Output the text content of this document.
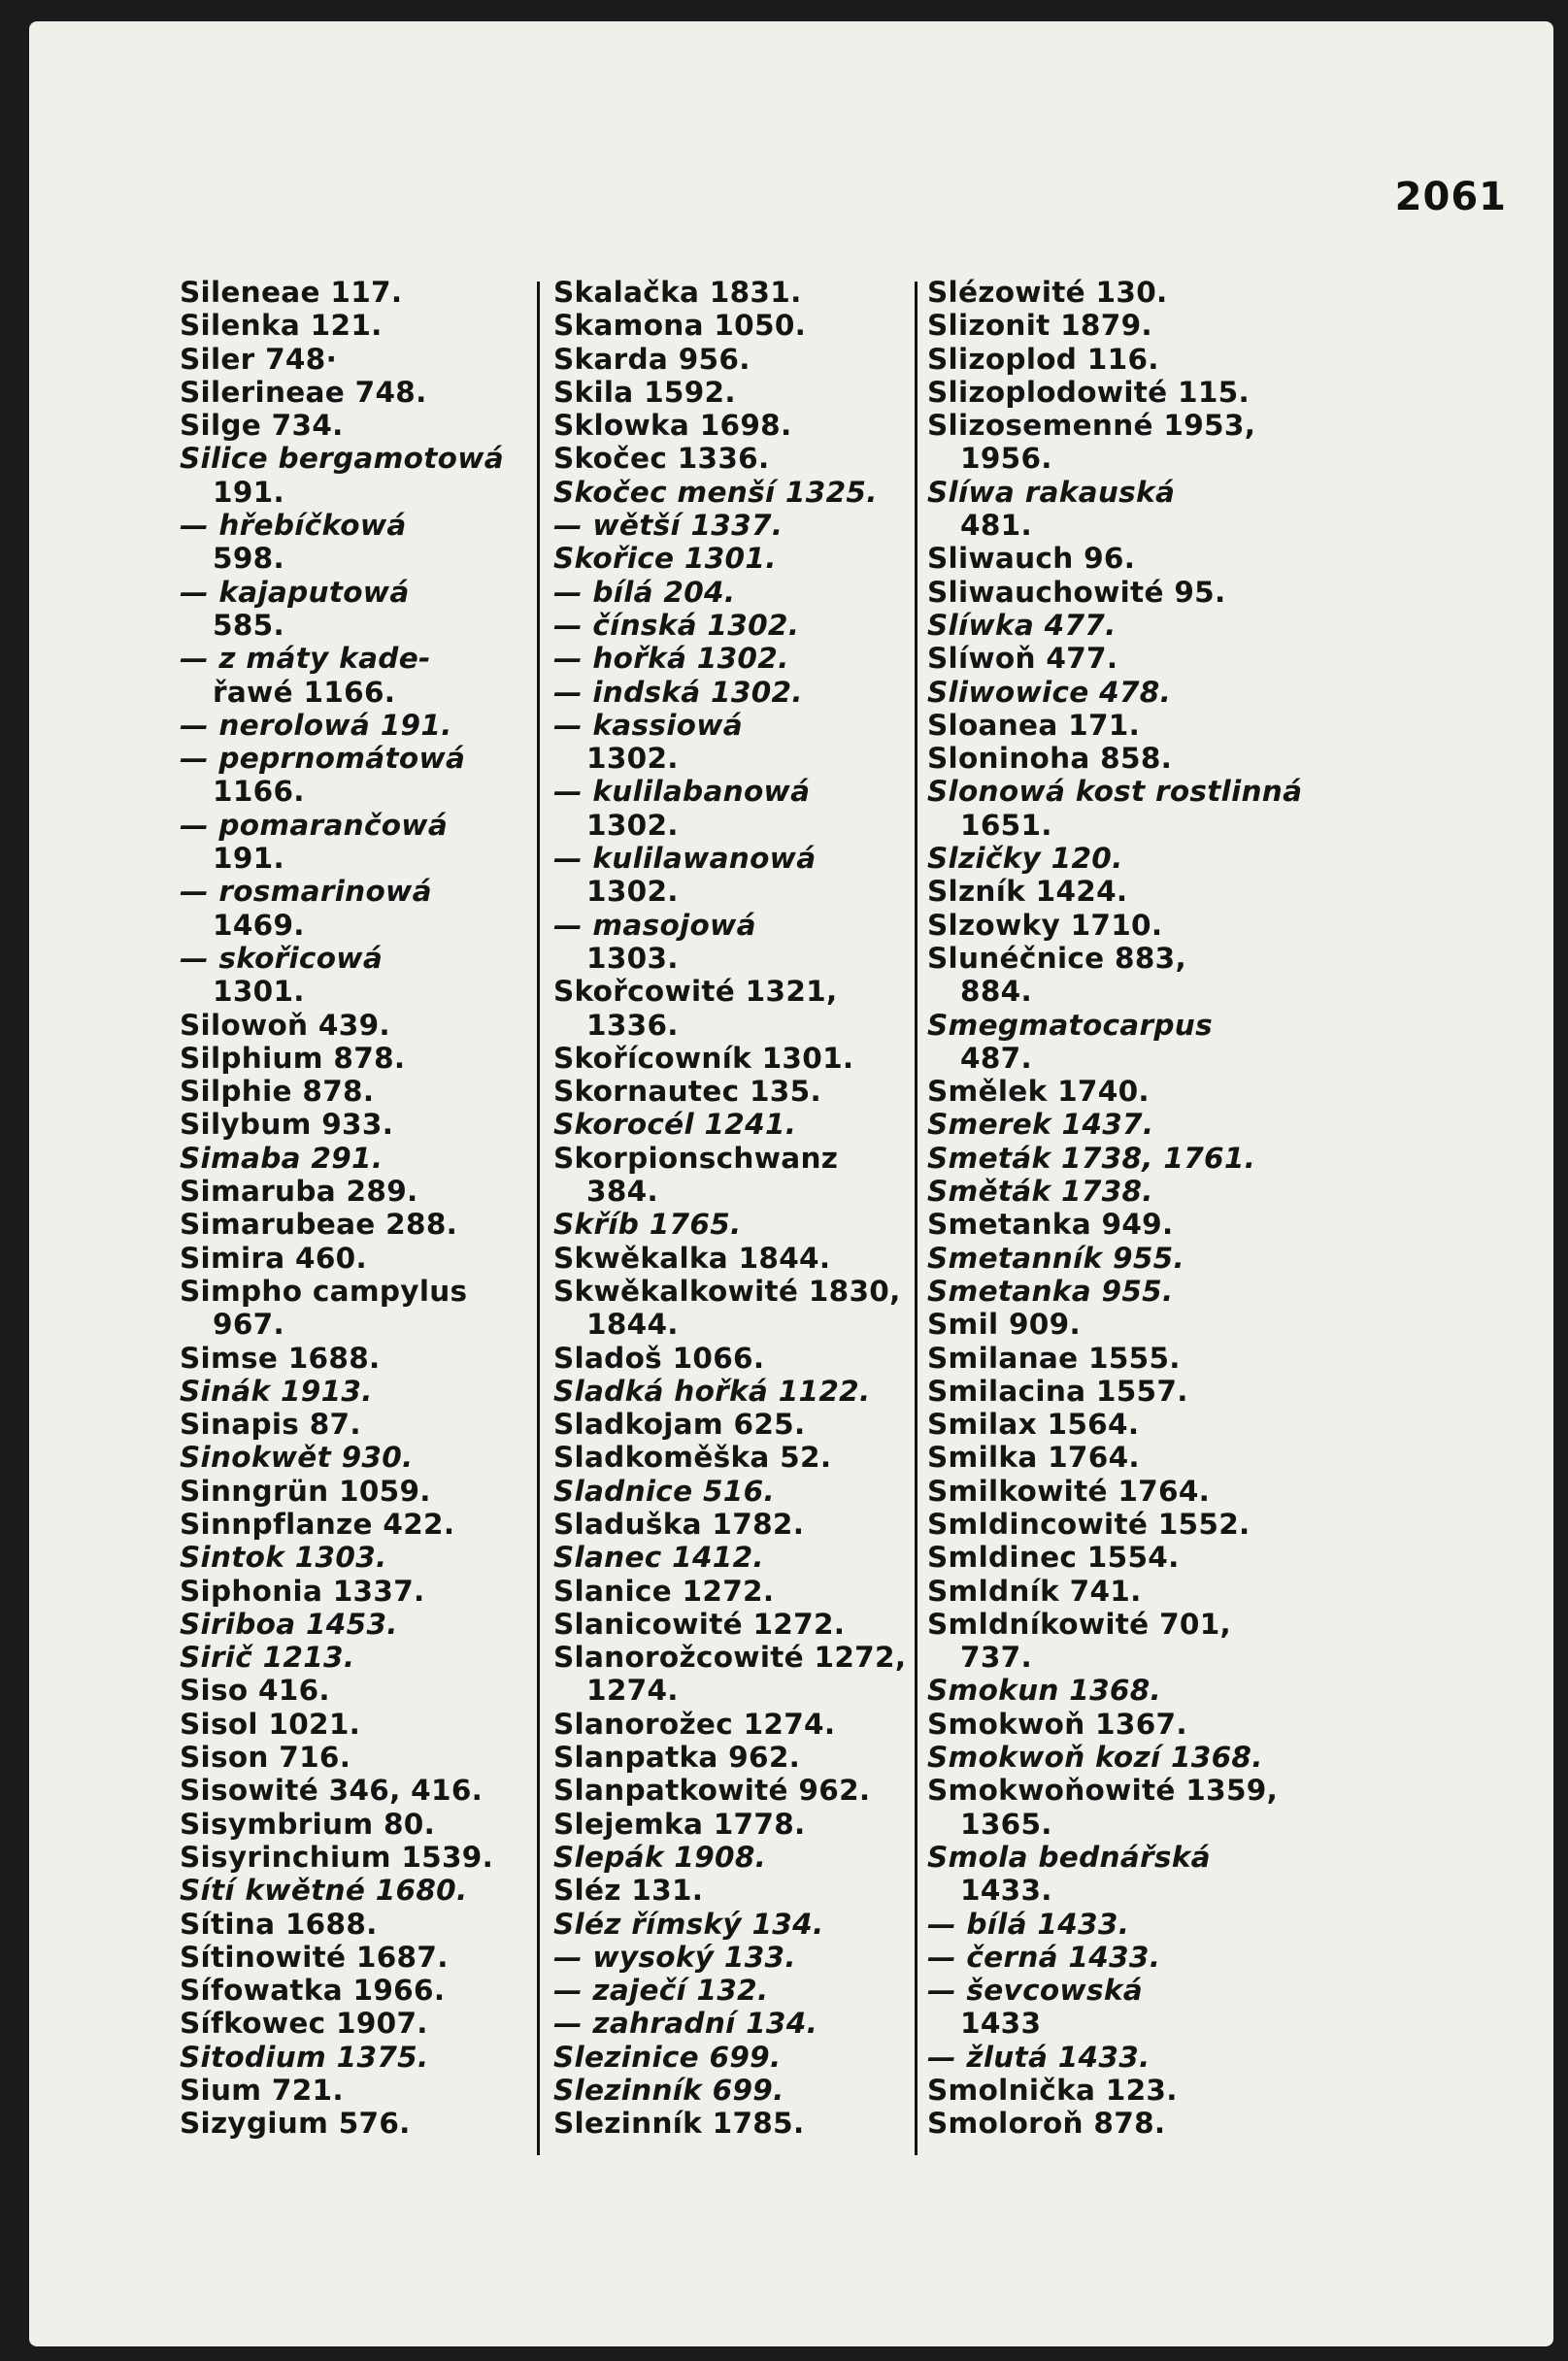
2061
Sileneae 117.
Silenka 121.
Siler 748·
Silerineae 748.
Silge 734.
Silice bergamotowá
191.
— hřebíčkowá
598.
— kajaputowá
585.
— z máty kade-
řawé 1166.
— nerolowá 191.
— peprnomátowá
1166.
— pomarančowá
191.
— rosmarinowá
1469.
— skořicowá
1301.
Silowoň 439.
Silphium 878.
Silphie 878.
Silybum 933.
Simaba 291.
Simaruba 289.
Simarubeae 288.
Simira 460.
Simpho campylus
967.
Simse 1688.
Sinák 1913.
Sinapis 87.
Sinokwět 930.
Sinngrün 1059.
Sinnpflanze 422.
Sintok 1303.
Siphonia 1337.
Siriboa 1453.
Sirič 1213.
Siso 416.
Sisol 1021.
Sison 716.
Sisowité 346, 416.
Sisymbrium 80.
Sisyrinchium 1539.
Sítí kwětné 1680.
Sítina 1688.
Sítinowité 1687.
Sífowatka 1966.
Sífkowec 1907.
Sitodium 1375.
Sium 721.
Sizygium 576.
Skalačka 1831.
Skamona 1050.
Skarda 956.
Skila 1592.
Sklowka 1698.
Skočec 1336.
Skočec menší 1325.
— wětší 1337.
Skořice 1301.
— bílá 204.
— čínská 1302.
— hořká 1302.
— indská 1302.
— kassiowá
1302.
— kulilabanowá
1302.
— kulilawanowá
1302.
— masojowá
1303.
Skořcowité 1321,
1336.
Skořícowník 1301.
Skornautec 135.
Skorocél 1241.
Skorpionschwanz
384.
Skříb 1765.
Skwěkalka 1844.
Skwěkalkowité 1830,
1844.
Sladoš 1066.
Sladká hořká 1122.
Sladkojam 625.
Sladkoměška 52.
Sladnice 516.
Sladuška 1782.
Slanec 1412.
Slanice 1272.
Slanicowité 1272.
Slanorožcowité 1272,
1274.
Slanorožec 1274.
Slanpatka 962.
Slanpatkowité 962.
Slejemka 1778.
Slepák 1908.
Sléz 131.
Sléz římský 134.
— wysoký 133.
— zaječí 132.
— zahradní 134.
Slezinice 699.
Slezinník 699.
Slezinník 1785.
Slézowité 130.
Slizonit 1879.
Slizoplod 116.
Slizoplodowité 115.
Slizosemenné 1953,
1956.
Slíwa rakauská
481.
Sliwauch 96.
Sliwauchowité 95.
Slíwka 477.
Slíwoň 477.
Sliwowice 478.
Sloanea 171.
Sloninoha 858.
Slonowá kost rostlinná
1651.
Slzičky 120.
Slzník 1424.
Slzowky 1710.
Slunéčnice 883,
884.
Smegmatocarpus
487.
Smělek 1740.
Smerek 1437.
Smeták 1738, 1761.
Směták 1738.
Smetanka 949.
Smetanník 955.
Smetanka 955.
Smil 909.
Smilanae 1555.
Smilacina 1557.
Smilax 1564.
Smilka 1764.
Smilkowité 1764.
Smldincowité 1552.
Smldinec 1554.
Smldník 741.
Smldníkowité 701,
737.
Smokun 1368.
Smokwoň 1367.
Smokwoň kozí 1368.
Smokwoňowité 1359,
1365.
Smola bednářská
1433.
— bílá 1433.
— černá 1433.
— ševcowská
1433
— žlutá 1433.
Smolnička 123.
Smoloroň 878.
